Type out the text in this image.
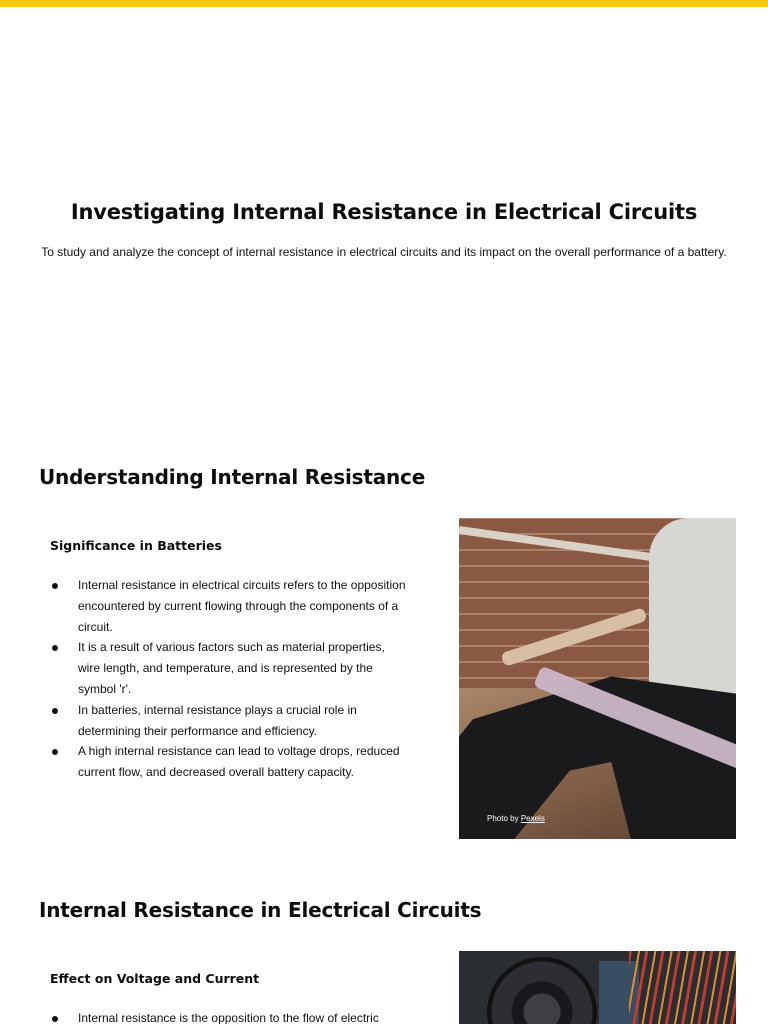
Investigating Internal Resistance in Electrical Circuits

To study and analyze the concept of internal resistance in electrical circuits and its impact on the overall performance of a battery.

Understanding Internal Resistance
Significance in Batteries
Internal resistance in electrical circuits refers to the opposition encountered by current flowing through the components of a circuit.
It is a result of various factors such as material properties, wire length, and temperature, and is represented by the symbol 'r'.
In batteries, internal resistance plays a crucial role in determining their performance and efficiency.
A high internal resistance can lead to voltage drops, reduced current flow, and decreased overall battery capacity.
Photo by Pexels
Internal Resistance in Electrical Circuits
Effect on Voltage and Current
Internal resistance is the opposition to the flow of electric
